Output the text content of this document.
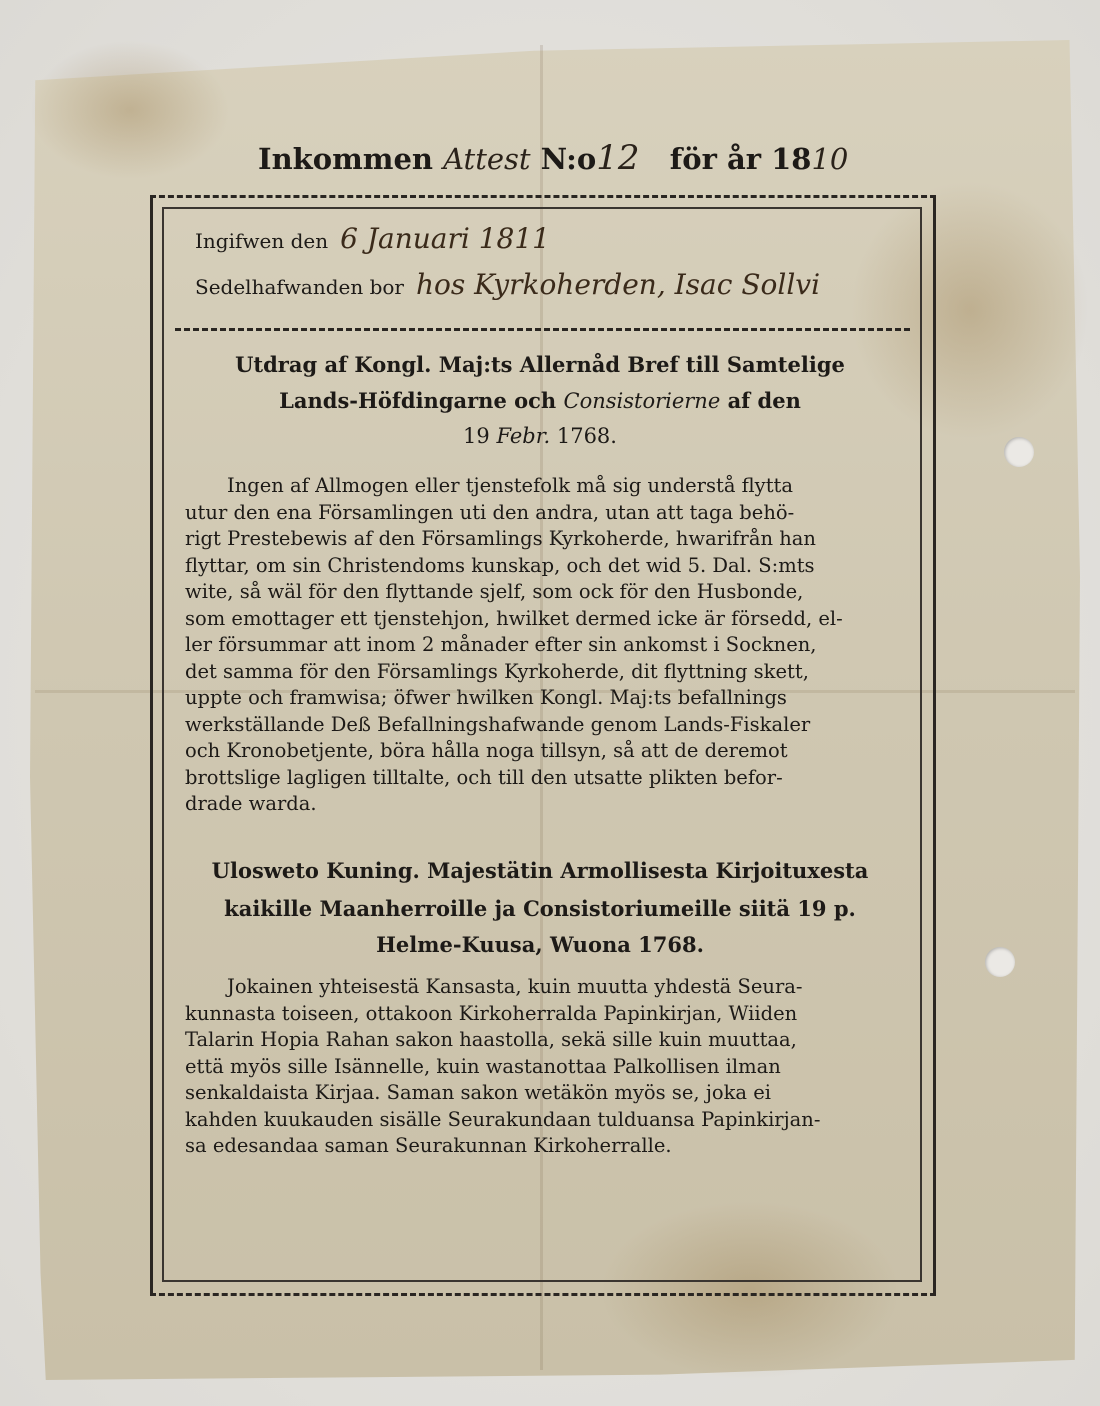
Inkommen Attest N:o12 för år 1810
Ingifwen den 6 Januari 1811
Sedelhafwanden bor hos Kyrkoherden, Isac Sollvi
Utdrag af Kongl. Maj:ts Allernåd Bref till Samtelige
Lands-Höfdingarne och Consistorierne af den
19 Febr. 1768.
Ingen af Allmogen eller tjenstefolk må sig understå flytta
utur den ena Församlingen uti den andra, utan att taga behö-
rigt Prestebewis af den Församlings Kyrkoherde, hwarifrån han
flyttar, om sin Christendoms kunskap, och det wid 5. Dal. S:mts
wite, så wäl för den flyttande sjelf, som ock för den Husbonde,
som emottager ett tjenstehjon, hwilket dermed icke är försedd, el-
ler försummar att inom 2 månader efter sin ankomst i Socknen,
det samma för den Församlings Kyrkoherde, dit flyttning skett,
uppte och framwisa; öfwer hwilken Kongl. Maj:ts befallnings
werkställande Deß Befallningshafwande genom Lands-Fiskaler
och Kronobetjente, böra hålla noga tillsyn, så att de deremot
brottslige lagligen tilltalte, och till den utsatte plikten befor-
drade warda.
Ulosweto Kuning. Majestätin Armollisesta Kirjoituxesta
kaikille Maanherroille ja Consistoriumeille siitä 19 p.
Helme-Kuusa, Wuona 1768.
Jokainen yhteisestä Kansasta, kuin muutta yhdestä Seura-
kunnasta toiseen, ottakoon Kirkoherralda Papinkirjan, Wiiden
Talarin Hopia Rahan sakon haastolla, sekä sille kuin muuttaa,
että myös sille Isännelle, kuin wastanottaa Palkollisen ilman
senkaldaista Kirjaa. Saman sakon wetäkön myös se, joka ei
kahden kuukauden sisälle Seurakundaan tulduansa Papinkirjan-
sa edesandaa saman Seurakunnan Kirkoherralle.
